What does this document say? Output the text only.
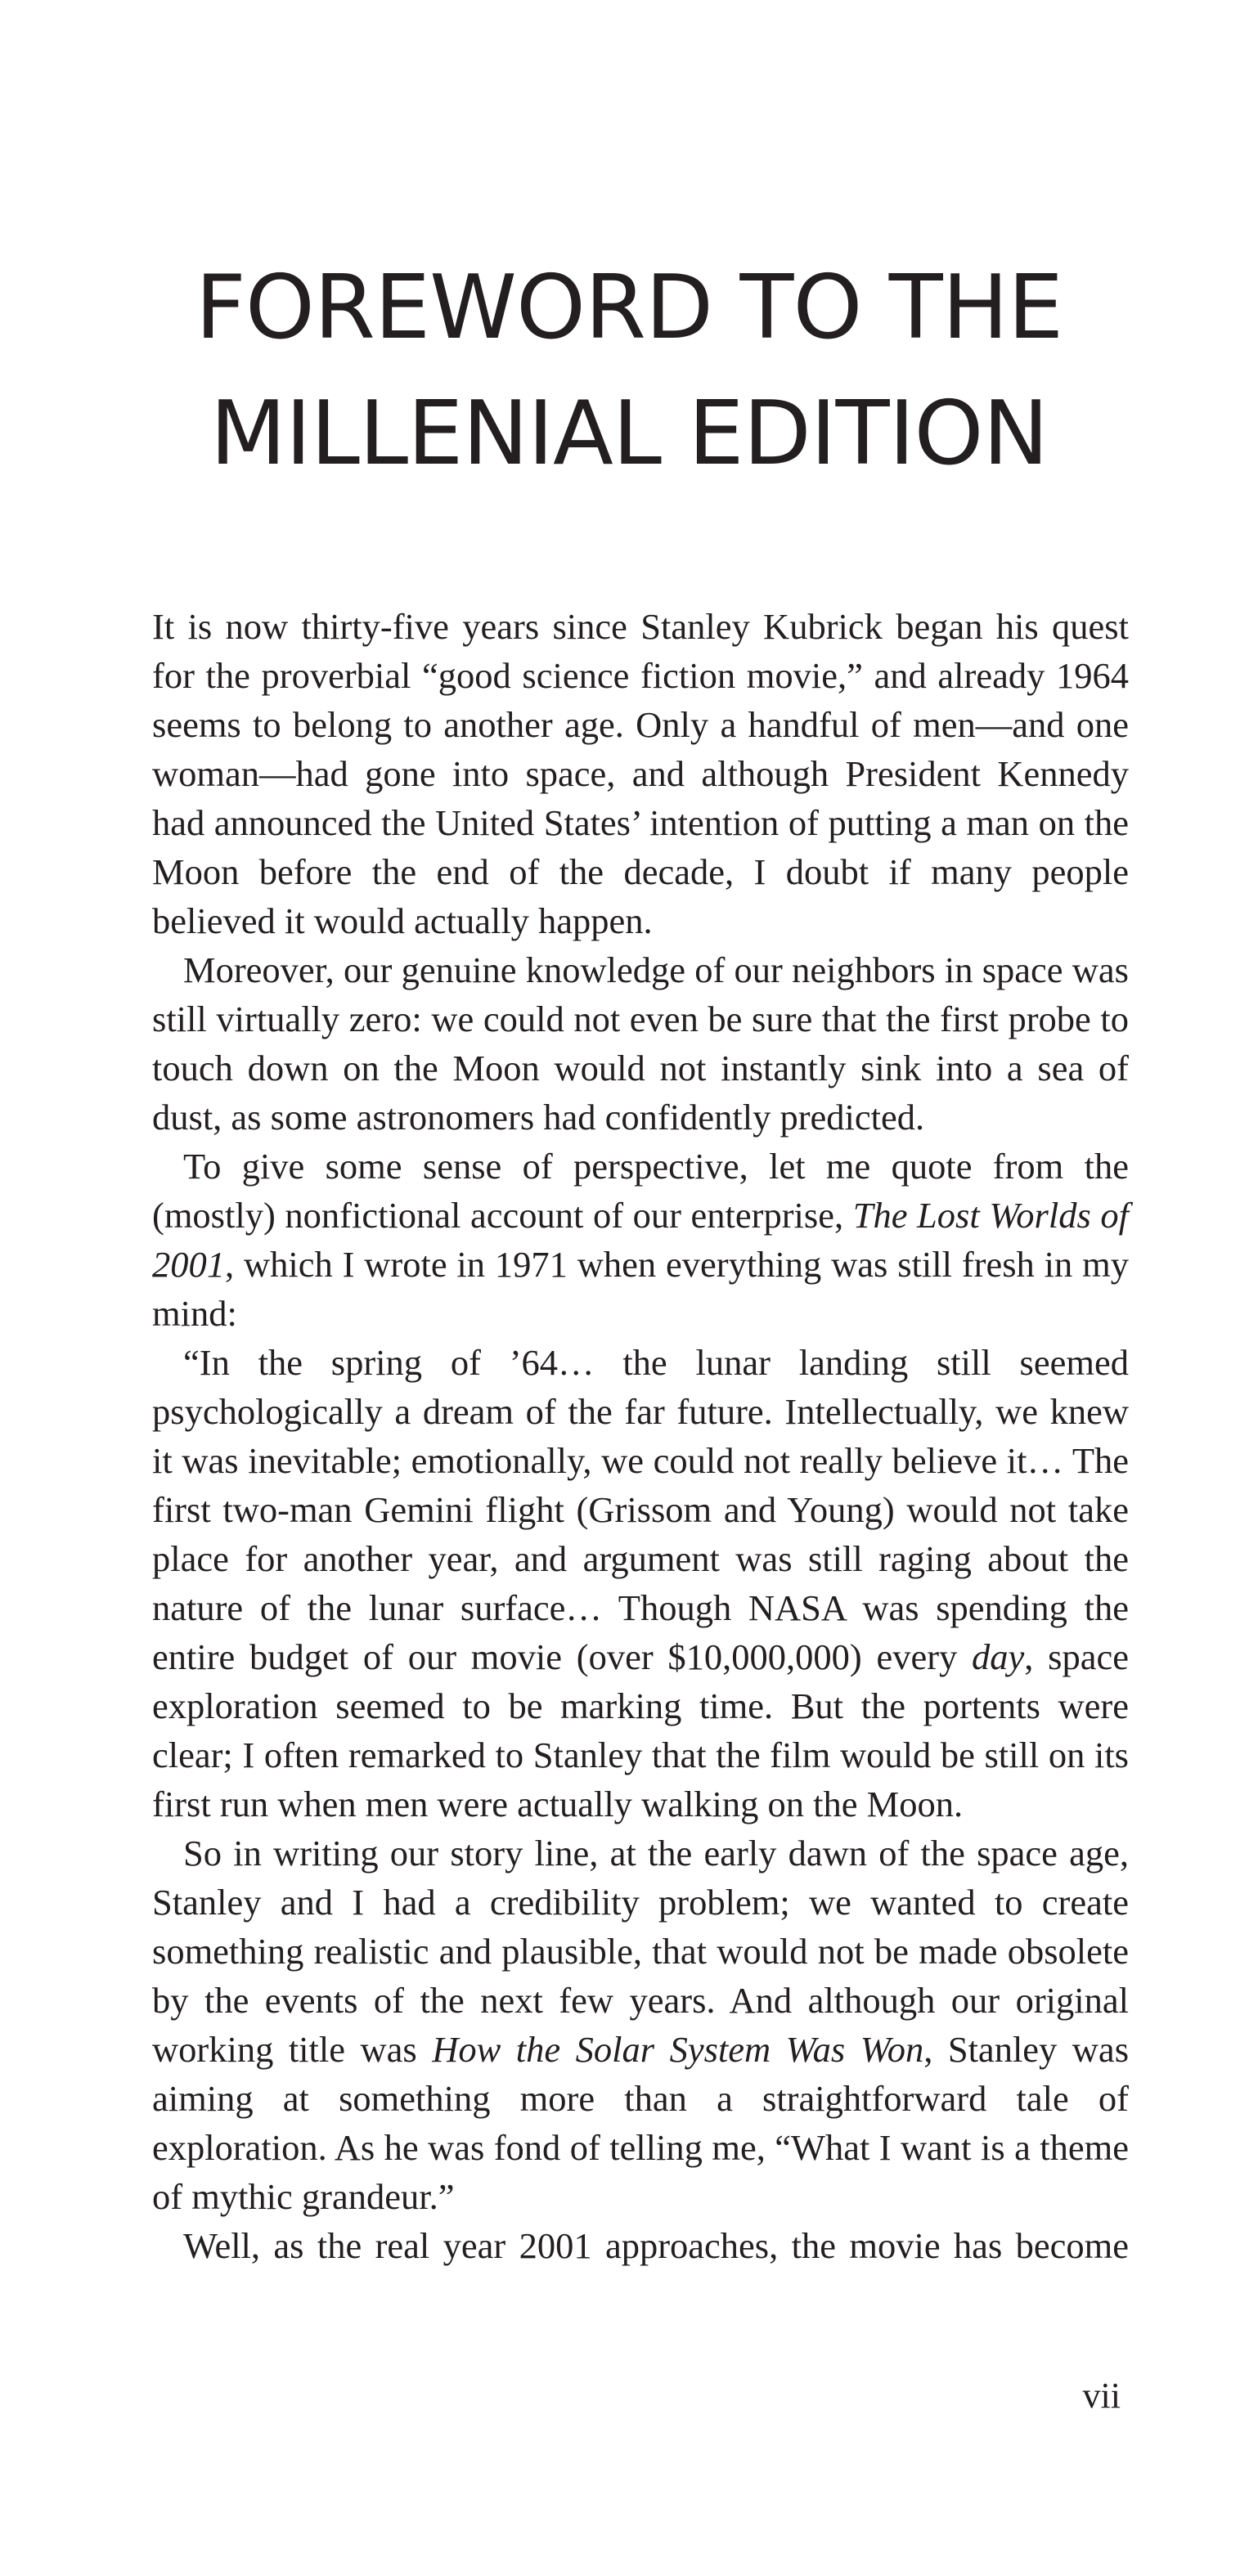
FOREWORD TO THE
MILLENIAL EDITION

It is now thirty-five years since Stanley Kubrick began his quest for the proverbial “good science fiction movie,” and already 1964 seems to belong to another age. Only a handful of men—and one woman—had gone into space, and although President Kennedy had announced the United States’ intention of putting a man on the Moon before the end of the decade, I doubt if many people believed it would actually happen.

Moreover, our genuine knowledge of our neighbors in space was still virtually zero: we could not even be sure that the first probe to touch down on the Moon would not instantly sink into a sea of dust, as some astronomers had confidently predicted.

To give some sense of perspective, let me quote from the (mostly) nonfictional account of our enterprise, The Lost Worlds of 2001, which I wrote in 1971 when everything was still fresh in my mind:

“In the spring of ’64… the lunar landing still seemed psychologically a dream of the far future. Intellectually, we knew it was inevitable; emotionally, we could not really believe it… The first two-man Gemini flight (Grissom and Young) would not take place for another year, and argument was still raging about the nature of the lunar surface… Though NASA was spending the entire budget of our movie (over $10,000,000) every day, space exploration seemed to be marking time. But the portents were clear; I often remarked to Stanley that the film would be still on its first run when men were actually walking on the Moon.

So in writing our story line, at the early dawn of the space age, Stanley and I had a credibility problem; we wanted to create something realistic and plausible, that would not be made obsolete by the events of the next few years. And although our original working title was How the Solar System Was Won, Stanley was aiming at something more than a straightforward tale of exploration. As he was fond of telling me, “What I want is a theme of mythic grandeur.”

Well, as the real year 2001 approaches, the movie has become

vii
